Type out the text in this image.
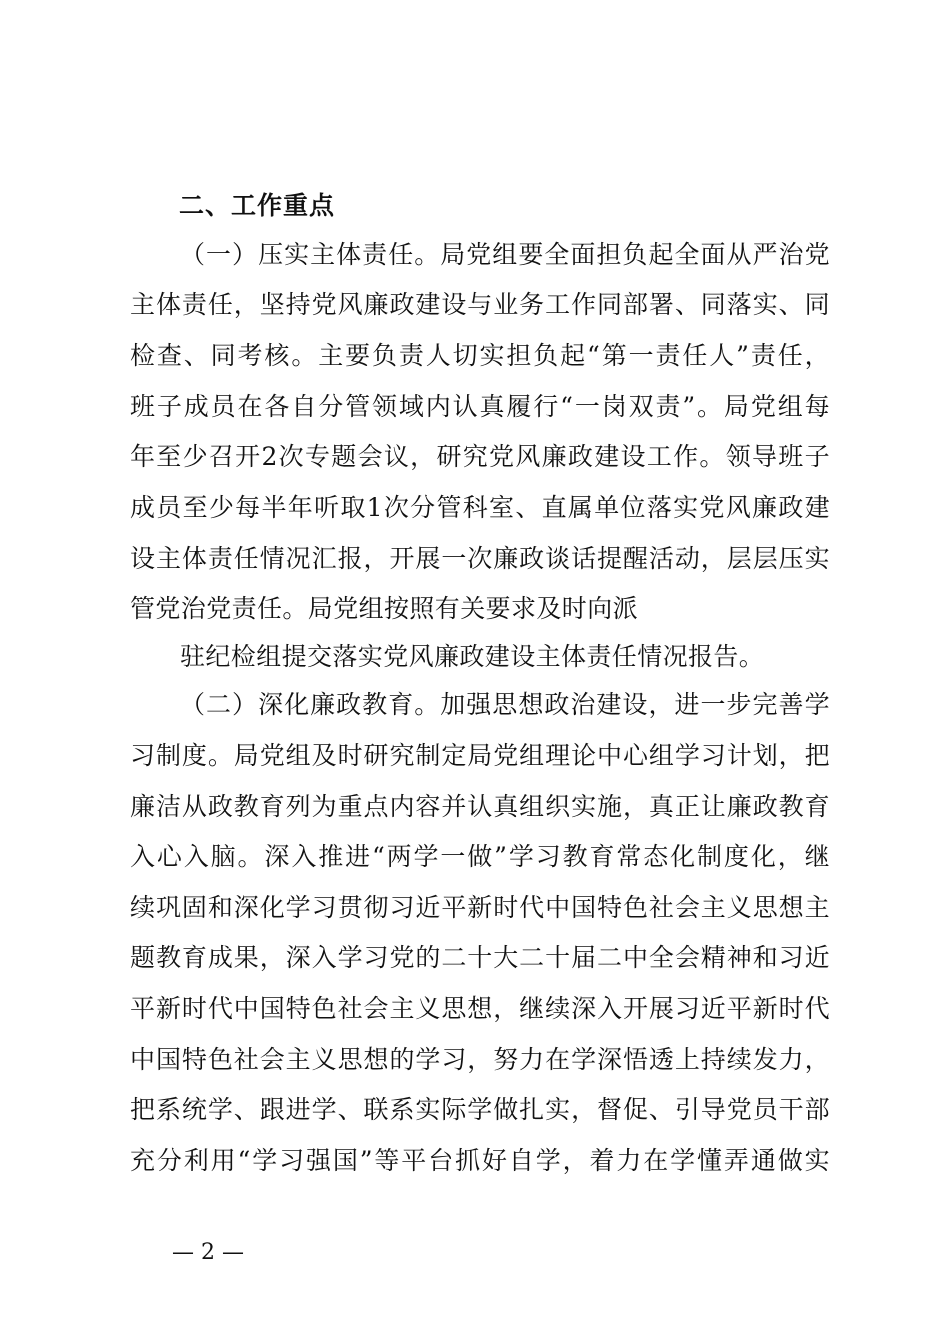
二、工作重点
（一）压实主体责任。局党组要全面担负起全面从严治党
主体责任，坚持党风廉政建设与业务工作同部署、同落实、同
检查、同考核。主要负责人切实担负起“第一责任人”责任，
班子成员在各自分管领域内认真履行“一岗双责”。局党组每
年至少召开2次专题会议，研究党风廉政建设工作。领导班子
成员至少每半年听取1次分管科室、直属单位落实党风廉政建
设主体责任情况汇报，开展一次廉政谈话提醒活动，层层压实
管党治党责任。局党组按照有关要求及时向派
驻纪检组提交落实党风廉政建设主体责任情况报告。
（二）深化廉政教育。加强思想政治建设，进一步完善学
习制度。局党组及时研究制定局党组理论中心组学习计划，把
廉洁从政教育列为重点内容并认真组织实施，真正让廉政教育
入心入脑。深入推进“两学一做”学习教育常态化制度化，继
续巩固和深化学习贯彻习近平新时代中国特色社会主义思想主
题教育成果，深入学习党的二十大二十届二中全会精神和习近
平新时代中国特色社会主义思想，继续深入开展习近平新时代
中国特色社会主义思想的学习，努力在学深悟透上持续发力，
把系统学、跟进学、联系实际学做扎实，督促、引导党员干部
充分利用“学习强国”等平台抓好自学，着力在学懂弄通做实
— 2 —
